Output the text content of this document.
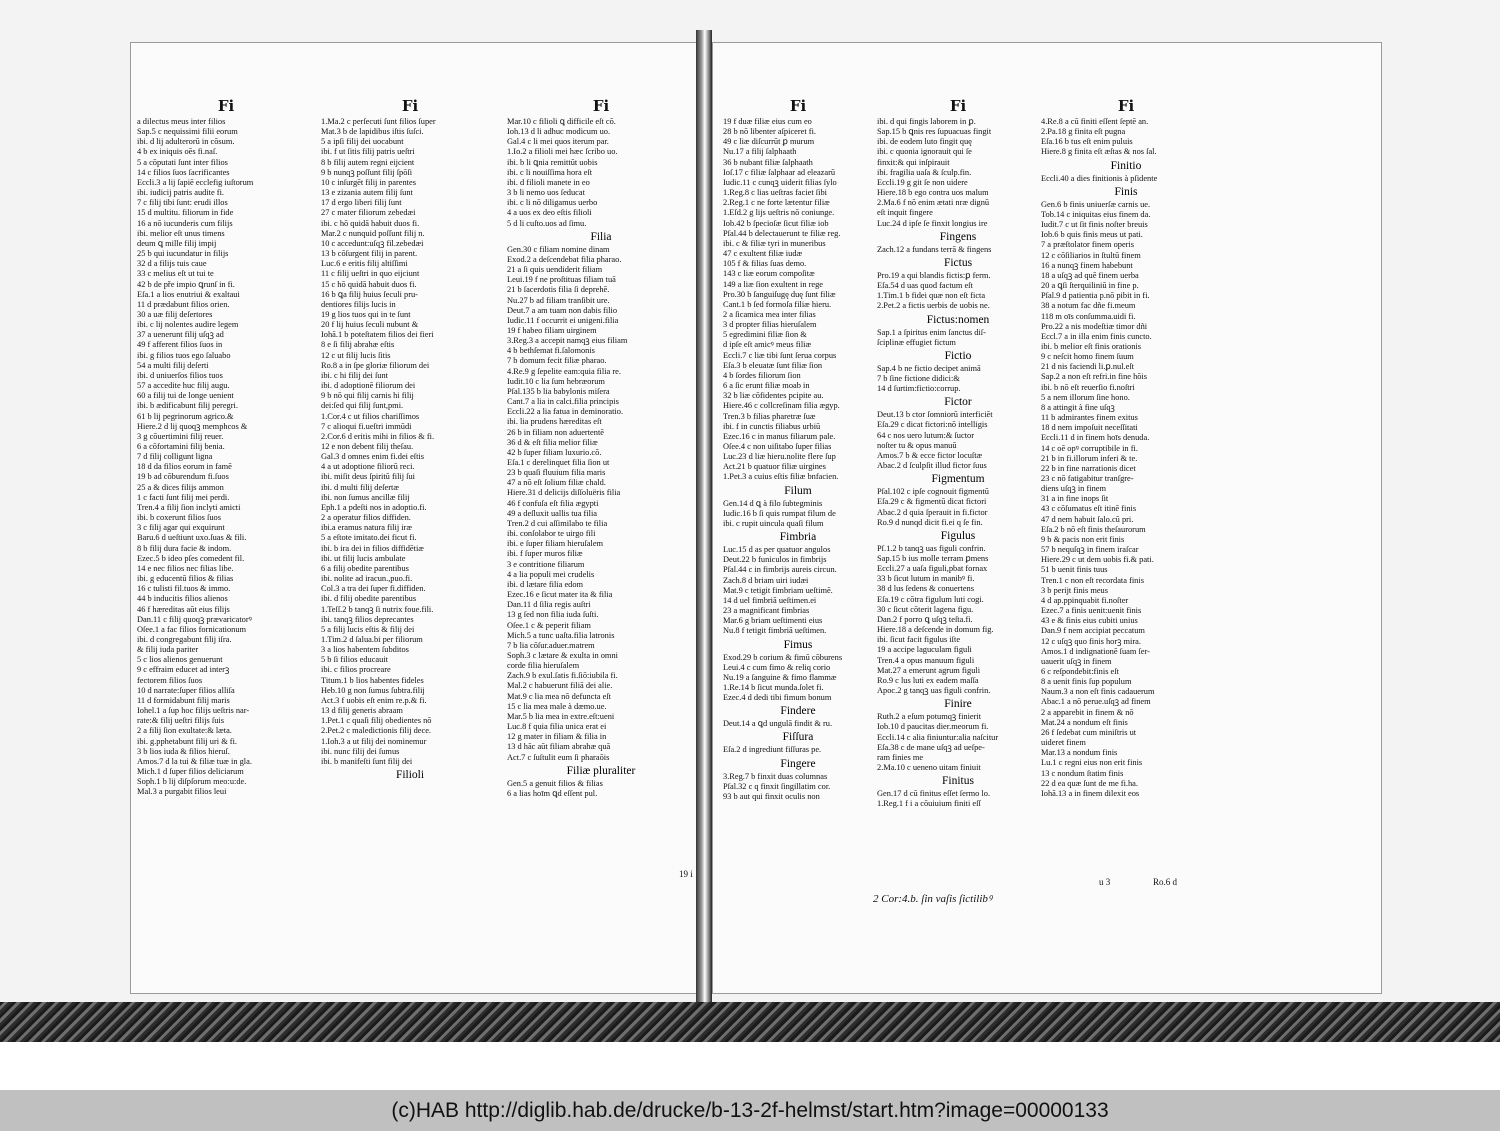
Fi
a dilectus meus inter filios
Sap.5 c nequissimi filii eorum
ibi. d lij adulterorū in cōsum.
4 b ex iniquis oēs fi.naſ.
5 a cōputati ſunt inter filios
14 c filios ſuos ſacrificantes
Eccli.3 a lij ſapiē ecclefig iuſtorum
ibi. iudicij patris audite fi.
7 c filij tibi ſunt: erudi illos
15 d multitu. filiorum in fide
16 a nō iucunderis cum filijs
ibi. melior eſt unus timens
deum ꝗ mille filij impij
25 b qui iucundatur in filijs
32 d a filijs tuis caue
33 c melius eſt ut tui te
42 b de pře impio ꝗrunſ in fi.
Eſa.1 a lios enutriui & exaltaui
11 d prædabunt filios orien.
30 a uæ filij deſertores
ibi. c lij nolentes audire legem
37 a uenerunt filij uſqꝫ ad
49 f afferent filios ſuos in
ibi. g filios tuos ego ſaluabo
54 a multi filij deſerti
ibi. d uniuerſos filios tuos
57 a accedite huc filij augu.
60 a filij tui de longe uenient
ibi. b ædificabunt filij peregri.
61 b lij pegrinorum agrico.&
Hiere.2 d lij quoqꝫ memphcos &
3 g cōuertimini filij reuer.
6 a cōfortamini filij benia.
7 d filij colligunt ligna
18 d da filios eorum in famē
19 b ad cōburendum fi.ſuos
25 a & dices filijs ammon
1 c facti ſunt filij mei perdi.
Tren.4 a filij ſion inclyti amicti
ibi. b coxerunt filios ſuos
3 c filij agar qui exquirunt
Baru.6 d ueſtiunt uxo.ſuas & fili.
8 b filij dura facie & indom.
Ezec.5 b ideo pſes comedent fil.
14 e nec filios nec filias libe.
ibi. g educentū filios & filias
16 c tulisti fil.tuos & immo.
44 b inducitis filios alienos
46 f hæreditas aūt eius filijs
Dan.11 c filij quoqꝫ prævaricatorꝰ
Oſee.1 a fac filios fornicationum
ibi. d congregabunt filij iſra.
& filij iuda pariter
5 c lios alienos genuerunt
9 c effraim educet ad interꝫ
fectorem filios ſuos
10 d narrate:ſuper filios alliſa
11 d formidabunt filij maris
Iohel.1 a ſup hoc filijs ueſtris nar-
rate:& filij ueſtri filijs ſuis
2 a filij ſion exultate:& læta.
ibi. g.pphetabunt filij uri & fi.
3 b lios iuda & filios hieruſ.
Amos.7 d la tui & filiæ tuæ in gla.
Mich.1 d ſuper filios deliciarum
Soph.1 b lij diſpſorum meo:u:de.
Mal.3 a purgabit filios leui
Fi
1.Ma.2 c perſecuti ſunt filios ſuper
Mat.3 b de lapidibus iſtis ſuſci.
5 a ipſi filij dei uocabunt
ibi. f ut ſitis filij patris ueſtri
8 b filij autem regni eijcient
9 b nunqꝫ poſſunt filij ſpōſi
10 c inſurgēt filij in parentes
13 e zizania autem filij ſunt
17 d ergo liberi filij ſunt
27 c mater filiorum zebedæi
ibi. c hō quidā habuit duos fi.
Mar.2 c nunquid poſſunt filij n.
10 c accedunt:uſqꝫ fil.zebedæi
13 b cōſurgent filij in parent.
Luc.6 e eritis filij altiſſimi
11 c filij ueſtri in quo eijciunt
15 c hō quidā habuit duos fi.
16 b ꝗa filij huius ſeculi pru-
dentiores filijs lucis in
19 g lios tuos qui in te ſunt
20 f lij huius ſeculi nubunt &
Iohā.1 b poteſtatem filios dei fieri
8 e ſi filij abrahæ eſtis
12 c ut filij lucis ſitis
Ro.8 a in ſpe gloriæ filiorum dei
ibi. c hi filij dei ſunt
ibi. d adoptionē filiorum dei
9 b nō qui filij carnis hi filij
dei:ſed qui filij ſunt,pmi.
1.Cor.4 c ut filios chariſſimos
7 c alioqui fi.ueſtri immūdi
2.Cor.6 d eritis mihi in filios & fi.
12 e non debent filij theſau.
Gal.3 d omnes enim fi.dei eſtis
4 a ut adoptione filiorū reci.
ibi. miſit deus ſpiritū filij ſui
ibi. d multi filij deſertæ
ibi. non ſumus ancillæ filij
Eph.1 a pdeſti nos in adoptio.fi.
2 a operatur filios diffiden.
ibi.a eramus natura filij iræ
5 a eſtote imitato.dei ficut fi.
ibi. b ira dei in filios diffidētiæ
ibi. ut filij lucis ambulate
6 a filij obedite parentibus
ibi. nolite ad iracun.,puo.fi.
Col.3 a tra dei ſuper fi.diffiden.
ibi. d filij obedite parentibus
1.Teſſ.2 b tanqꝫ ſi nutrix foue.fili.
ibi. tanqꝫ filios deprecantes
5 a filij lucis eſtis & filij dei
1.Tim.2 d ſalua.bi per filiorum
3 a lios habentem ſubditos
5 b ſi filios educauit
ibi. c filios procreare
Titum.1 b lios habentes fideles
Heb.10 g non ſumus ſubtra.filij
Act.3 f uobis eſt enim re.p.& fi.
13 d filij generis abraam
1.Pet.1 c quaſi filij obedientes nō
2.Pet.2 c maledictionis filij dece.
1.Ioh.3 a ut filij dei nominemur
ibi. nunc filij dei ſumus
ibi. b manifeſti ſunt filij dei
Filioli
Fi
Mar.10 c filioli ꝗ difficile eſt cō.
Ioh.13 d li adhuc modicum uo.
Gal.4 c li mei quos iterum par.
1.Io.2 a filioli mei hæc ſcribo uo.
ibi. b li ꝗnia remittūt uobis
ibi. c li nouiſſima hora eſt
ibi. d filioli manete in eo
3 b li nemo uos ſeducat
ibi. c li nō diligamus uerbo
4 a uos ex deo eſtis filioli
5 d li cuſto.uos ad ſimu.
Filia
Gen.30 c filiam nomine dinam
Exod.2 a deſcendebat filia pharao.
21 a ſi quis uendiderit filiam
Leui.19 f ne proſtituas filiam tuā
21 b ſacerdotis filia ſi deprehē.
Nu.27 b ad filiam tranſibit ure.
Deut.7 a am tuam non dabis filio
Iudic.11 f occurrit ei unigeni.filia
19 f habeo filiam uirginem
3.Reg.3 a accepit namqꝫ eius filiam
4 b bethſemat fi.ſalomonis
7 b domum fecit filiæ pharao.
4.Re.9 g ſepelite eam:quia filia re.
Iudit.10 c lia ſum hebræorum
Pſal.135 b lia babylonis miſera
Cant.7 a lia in calci.filia principis
Eccli.22 a lia fatua in deminoratio.
ibi. lia prudens hæreditas eſt
26 b in filiam non aduertentē
36 d & eſt filia melior filiæ
42 b ſuper filiam luxurio.cō.
Eſa.1 c derelinquet filia ſion ut
23 b quaſi fluuium filia maris
47 a nō eſt ſolium filiæ chald.
Hiere.31 d delicijs diſſoluëris filia
46 f confuſa eſt filia ægypti
49 a deſluxit uallis tua filia
Tren.2 d cui aſſimilabo te filia
ibi. conſolabor te uirgo fili
ibi. e ſuper filiam hieruſalem
ibi. f ſuper muros filiæ
3 e contritione filiarum
4 a lia populi mei crudelis
ibi. d lætare filia edom
Ezec.16 e ſicut mater ita & filia
Dan.11 d ſilia regis auſtri
13 g ſed non filia iuda ſuſti.
Oſee.1 c & peperit filiam
Mich.5 a tunc uaſta.filia latronis
7 b lia cōſur.aduer.matrem
Soph.3 c lætare & exulta in omni
corde filia hieruſalem
Zach.9 b exul.ſatis fi.ſiō:iubila fi.
Mal.2 c habuerunt filiā dei alie.
Mat.9 c lia mea nō defuncta eſt
15 c lia mea male à dæmo.ue.
Mar.5 b lia mea in extre.eſt:ueni
Luc.8 f quia filia unica erat ei
12 g mater in filiam & filia in
13 d hāc aūt filiam abrahæ quā
Act.7 c ſuſtulit eum ſi pharaōis
Filiæ pluraliter
Gen.5 a genuit filios & filias
6 a lias hoīm ꝗd eſſent pul.
19 i
Fi
19 f duæ filiæ eius cum eo
28 b nō libenter aſpiceret fi.
49 c liæ diſcurrūt ꝑ murum
Nu.17 a filij ſalphaath
36 b nubant filiæ ſalphaath
Ioſ.17 c filiæ ſalphaar ad eleazarū
Iudic.11 c cunqꝫ uiderit filias ſylo
1.Reg.8 c lias ueſtras faciet ſibi
2.Reg.1 c ne forte lætentur filiæ
1.Eſd.2 g lijs ueſtris nō coniunge.
Iob.42 b ſpecioſæ ſicut filiæ iob
Pſal.44 b delectauerunt te filiæ reg.
ibi. c & filiæ tyri in muneribus
47 c exultent filiæ iudæ
105 f & filias ſuas demo.
143 c liæ eorum compoſitæ
149 a liæ ſion exultent in rege
Pro.30 b ſanguiſugę duę ſunt filiæ
Cant.1 b ſed formoſa filiæ hieru.
2 a ſicamica mea inter filias
3 d propter filias hieruſalem
5 egredimini filiæ ſion &
d ipſe eſt amicꝰ meus filiæ
Eccli.7 c liæ tibi ſunt ſerua corpus
Eſa.3 b eleuatæ ſunt filiæ ſion
4 b ſordes filiorum ſion
6 a ſic erunt filiæ moab in
32 b liæ cōfidentes pcipite au.
Hiere.46 c collcreſinam filia ægyp.
Tren.3 b filias pharetræ ſuæ
ibi. f in cunctis filiabus urbiū
Ezec.16 c in manus filiarum pale.
Oſee.4 c non uiſitabo ſuper filias
Luc.23 d liæ hieru.nolite flere ſup
Act.21 b quatuor filiæ uirgines
1.Pet.3 a cuius eſtis filiæ bnfacien.
Filum
Gen.14 d ꝗ à filo ſubtegminis
Iudic.16 b ſi quis rumpat filum de
ibi. c rupit uincula quaſi filum
Fimbria
Luc.15 d as per quatuor angulos
Deut.22 b funiculos in fimbrijs
Pſal.44 c in fimbrijs aureis circun.
Zach.8 d briam uiri iudæi
Mat.9 c tetigit fimbriam ueſtimē.
14 d uel fimbriā ueſtimen.ei
23 a magnificant fimbrias
Mar.6 g briam ueſtimenti eius
Nu.8 f tetigit fimbriā ueſtimen.
Fimus
Exod.29 b corium & fimū cōburens
Leui.4 c cum fimo & reliq corio
Nu.19 a ſanguine & fimo flammæ
1.Re.14 b ſicut munda.ſolet fi.
Ezec.4 d dedi tibi fimum bonum
Findere
Deut.14 a ꝗd ungulā findit & ru.
Fiſſura
Eſa.2 d ingrediunt fiſſuras pe.
Fingere
3.Reg.7 b finxit duas columnas
Pſal.32 c q finxit ſingillatim cor.
93 b aut qui finxit oculis non
Fi
ibi. d qui fingis laborem in ꝑ.
Sap.15 b ꝗnis res ſupuacuas fingit
ibi. de eodem luto fingit quę
ibi. c quonia ignorauit qui ſe
finxit:& qui inſpirauit
ibi. fragilia uaſa & ſculp.fin.
Eccli.19 g git ſe non uidere
Hiere.18 b ego contra uos malum
2.Ma.6 f nō enim ætati nræ dignū
eſt inquit fingere
Luc.24 d ipſe ſe finxit longius ire
Fingens
Zach.12 a fundans terrā & fingens
Fictus
Pro.19 a qui blandis fictis:ꝑ ferm.
Eſa.54 d uas quod factum eſt
1.Tim.1 b fidei quæ non eſt ficta
2.Pet.2 a fictis uerbis de uobis ne.
Fictus:nomen
Sap.1 a ſpiritus enim ſanctus diſ-
ſciplinæ effugiet fictum
Fictio
Sap.4 b ne fictio decipet animā
7 b ſine fictione didici:&
14 d ſurtim:fictio:corrup.
Fictor
Deut.13 b ctor ſomniorū interficiēt
Eſa.29 c dicat fictori:nō intelligis
64 c nos uero lutum:& ſuctor
noſter tu & opus manuū
Amos.7 b & ecce fictor locuſtæ
Abac.2 d ſculpſit illud fictor ſuus
Figmentum
Pſal.102 c ipſe cognouit figmentū
Eſa.29 c & figmentū dicat fictori
Abac.2 d quia ſperauit in fi.fictor
Ro.9 d nunqd dicit fi.ei q ſe fin.
Figulus
Pſ.1.2 b tanqꝫ uas figuli confrin.
Sap.15 b ius molle terram ꝑmens
Eccli.27 a uaſa figuli,pbat fornax
33 b ſicut lutum in manibꝰ fi.
38 d lus ſedens & conuertens
Eſa.19 c cōtra figulum luti cogi.
30 c ſicut cōterit lagena figu.
Dan.2 f porro ꝗ uſqꝫ teſta.fi.
Hiere.18 a deſcende in domum fig.
ibi. ſicut facit figulus iſte
19 a accipe laguculam figuli
Tren.4 a opus manuum figuli
Mat.27 a emerunt agrum figuli
Ro.9 c lus luti ex eadem maſſa
Apoc.2 g tanqꝫ uas figuli confrin.
Finire
Ruth.2 a eſum potumqꝫ finierit
Iob.10 d paucitas dier.meorum fi.
Eccli.14 c alia finiuntur:alia naſcitur
Eſa.38 c de mane uſqꝫ ad ueſpe-
ram finies me
2.Ma.10 c ueneno uitam finiuit
Finitus
Gen.17 d cū finitus eſſet ſermo lo.
1.Reg.1 f i a cōuiuium finiti eſſ
Fi
4.Re.8 a cū finiti eſſent ſeptē an.
2.Pa.18 g finita eſt pugna
Eſa.16 b tus eſt enim puluis
Hiere.8 g finita eſt æſtas & nos ſal.
Finitio
Eccli.40 a dies finitionis à pſidente
Finis
Gen.6 b finis uniuerſæ carnis ue.
Tob.14 c iniquitas eius finem da.
Iudit.7 c ut ſit finis noſter breuis
Iob.6 b quis finis meus ut pati.
7 a præſtolator finem operis
12 c cōſiliarios in ſtultū finem
16 a nunqꝫ finem habebunt
18 a uſqꝫ ad quē finem uerba
20 a ꝗſi ſterquiliniū in fine p.
Pſal.9 d patientia p.nō pibit in fi.
38 a notum fac dñe fi.meum
118 m oīs conſumma.uidi fi.
Pro.22 a nis modeſtiæ timor dñi
Eccl.7 a in illa enim finis cuncto.
ibi. b melior eſt finis orationis
9 c neſcit homo finem ſuum
21 d nis faciendi li.ꝑ.nul.eſt
Sap.2 a non eſt refri.in fine hōis
ibi. b nō eſt reuerſio fi.noſtri
5 a nem illorum ſine hono.
8 a attingit à fine uſqꝫ
11 b admirantes finem exitus
18 d nem impoſuit neceſſitati
Eccli.11 d in finem hoīs denuda.
14 c oē opꝰ corruptibile in fi.
21 b in fi.illorum inferi & te.
22 b in fine narrationis dicet
23 c nō fatigabitur tranſgre-
diens uſqꝫ in finem
31 a in fine inops ſit
43 c cōſumatus eſt itinē finis
47 d nem habuit ſalo.cū pri.
Eſa.2 b nō eſt finis theſaurorum
9 b & pacis non erit finis
57 b nequſqꝫ in finem iraſcar
Hiere.29 c ut dem uobis fi.& pati.
51 b uenit finis tuus
Tren.1 c non eſt recordata finis
3 b perijt finis meus
4 d ap.ppinquabit fi.noſter
Ezec.7 a finis uenit:uenit finis
43 e & finis eius cubiti unius
Dan.9 f nem accipiat peccatum
12 c uſqꝫ quo finis horꝫ mira.
Amos.1 d indignationē ſuam ſer-
uauerit uſqꝫ in finem
6 c reſpondebit:finis eſt
8 a uenit finis ſup populum
Naum.3 a non eſt finis cadauerum
Abac.1 a nō perue.uſqꝫ ad finem
2 a apparebit in finem & nō
Mat.24 a nondum eſt finis
26 f ſedebat cum miniſtris ut
uideret finem
Mar.13 a nondum finis
Lu.1 c regni eius non erit finis
13 c nondum ſtatim finis
22 d ea quæ ſunt de me fi.ha.
Iohā.13 a in finem dilexit eos
u 3	Ro.6 d
2 Cor:4.b. ſin vaſis ſictilibꝰ
(c)HAB http://diglib.hab.de/drucke/b-13-2f-helmst/start.htm?image=00000133
